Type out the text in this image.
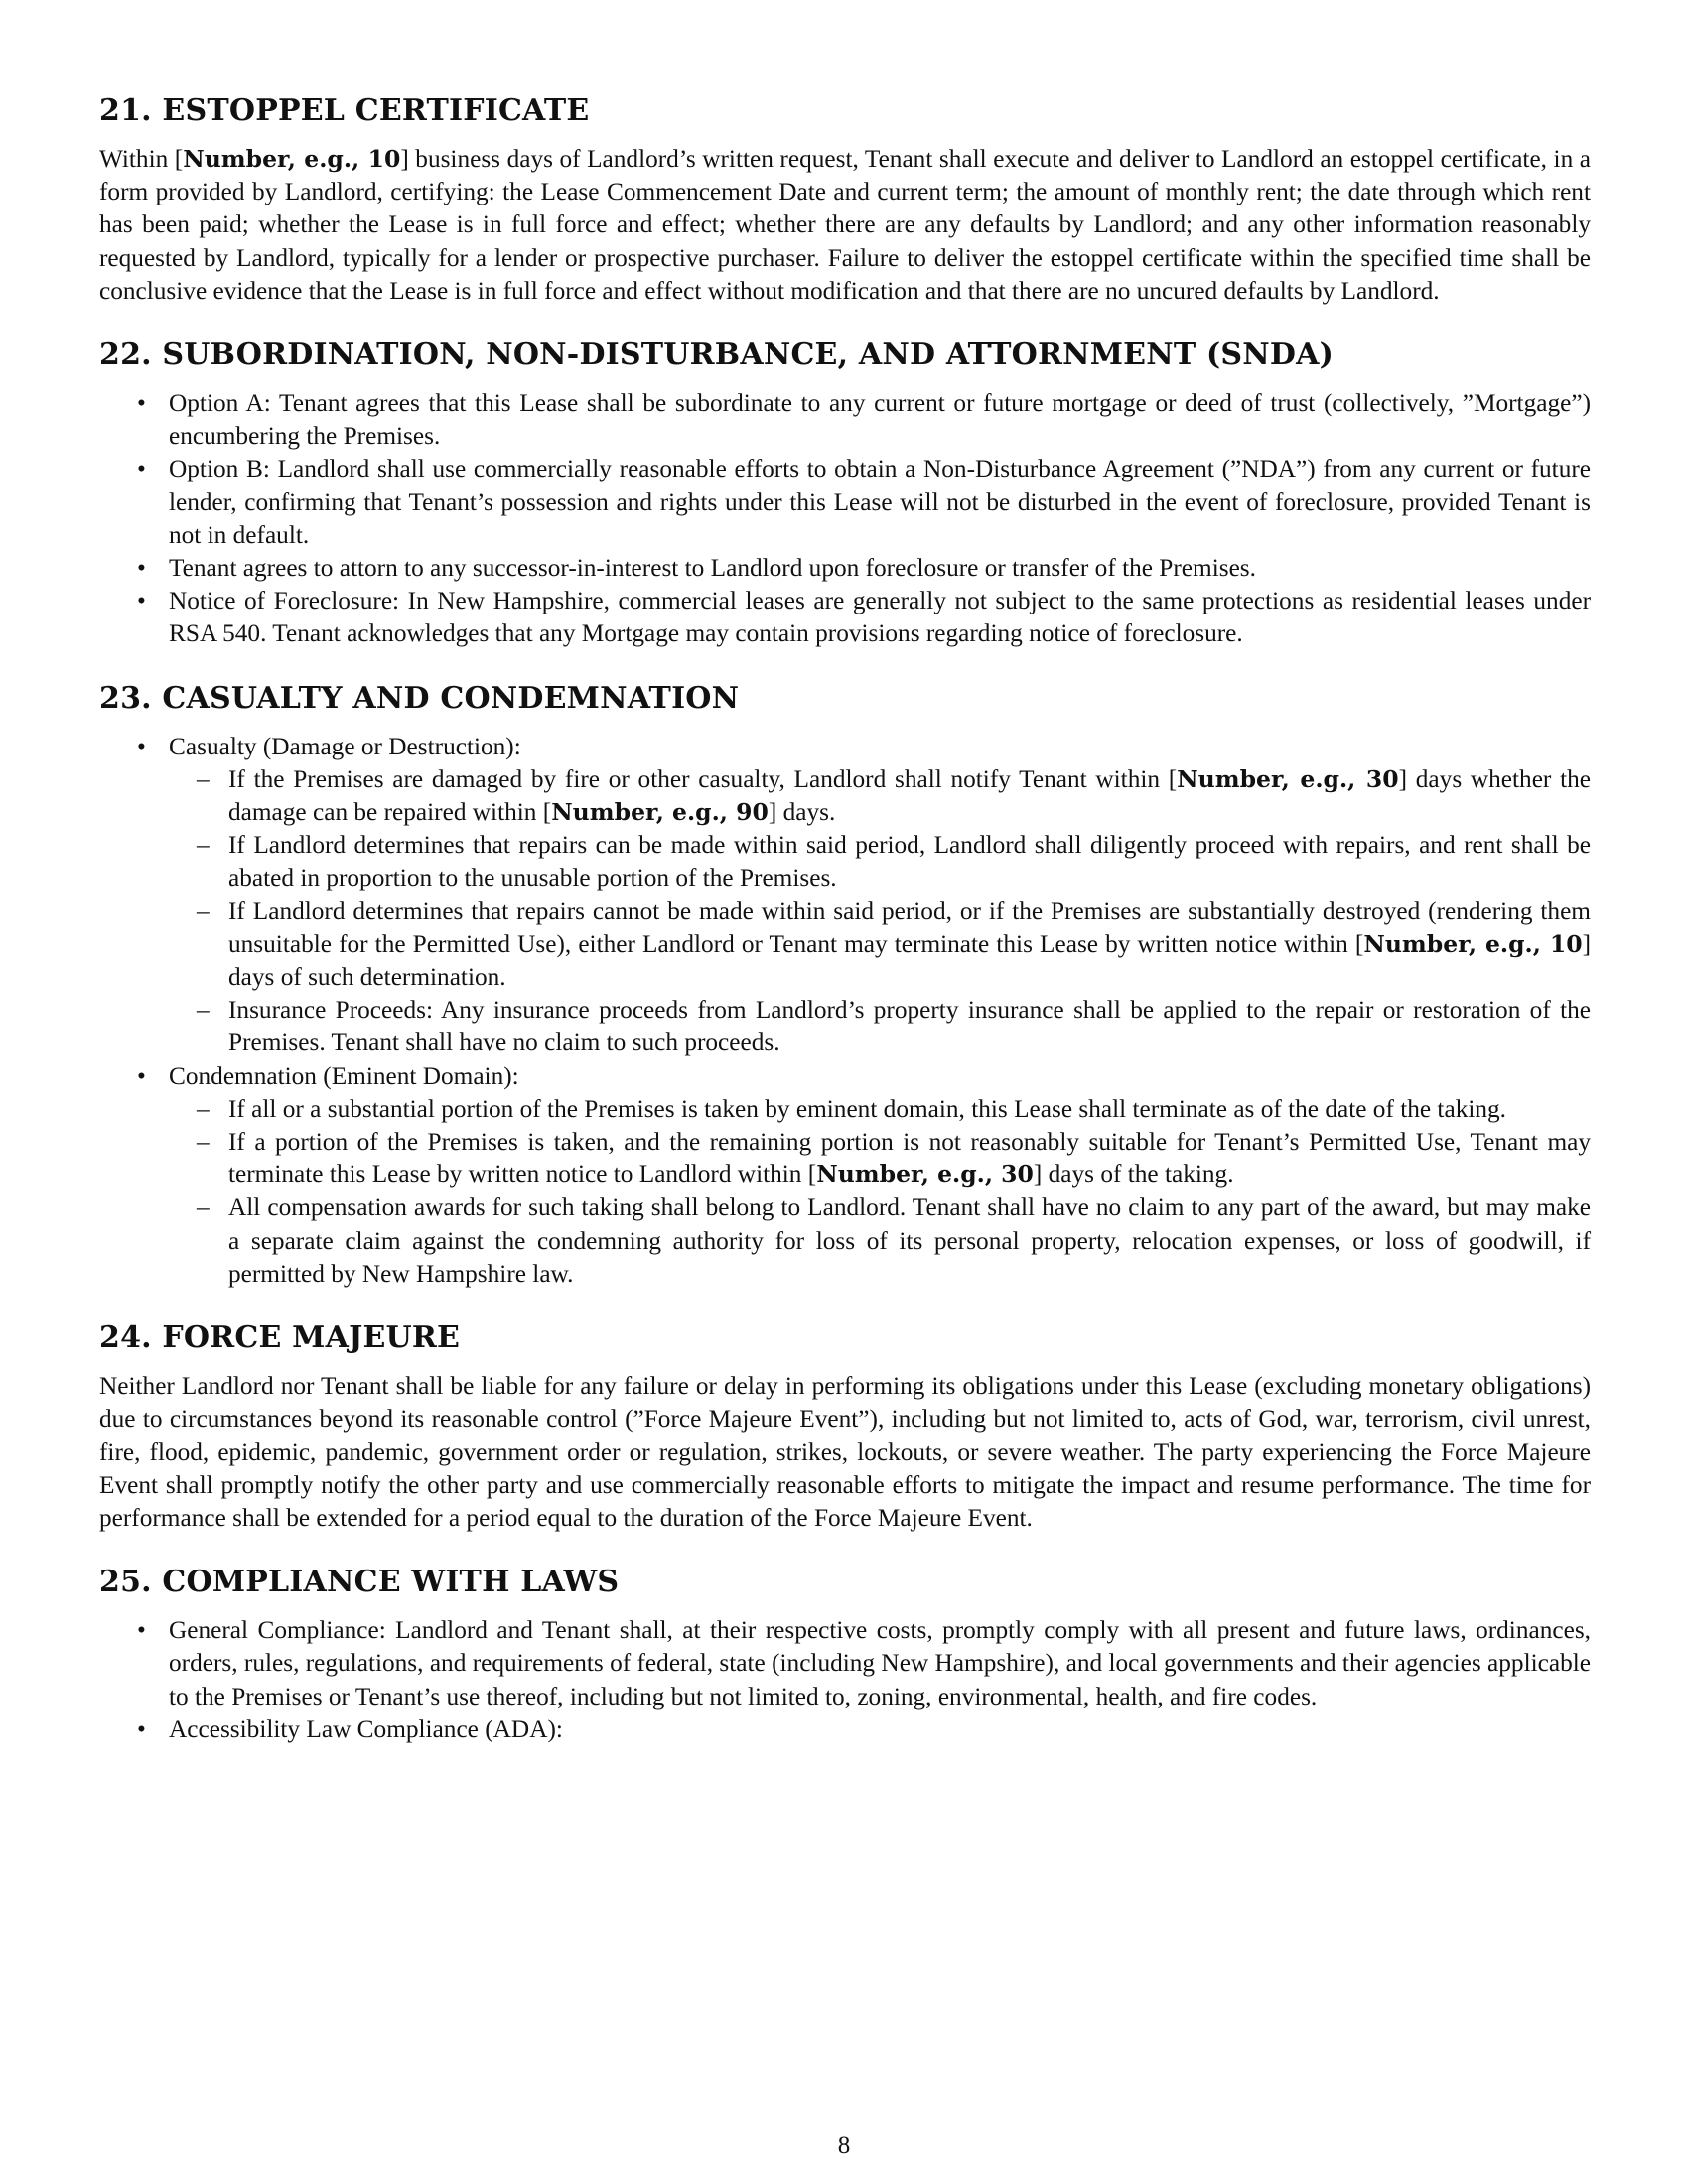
21. ESTOPPEL CERTIFICATE

Within [Number, e.g., 10] business days of Landlord’s written request, Tenant shall execute and deliver to Landlord an estoppel certificate, in a form provided by Landlord, certifying: the Lease Commencement Date and current term; the amount of monthly rent; the date through which rent has been paid; whether the Lease is in full force and effect; whether there are any defaults by Landlord; and any other information reasonably requested by Landlord, typically for a lender or prospective purchaser. Failure to deliver the estoppel certificate within the specified time shall be conclusive evidence that the Lease is in full force and effect without modification and that there are no uncured defaults by Landlord.

22. SUBORDINATION, NON-DISTURBANCE, AND ATTORNMENT (SNDA)
• Option A: Tenant agrees that this Lease shall be subordinate to any current or future mortgage or deed of trust (collectively, ”Mortgage”) encumbering the Premises.
• Option B: Landlord shall use commercially reasonable efforts to obtain a Non-Disturbance Agreement (”NDA”) from any current or future lender, confirming that Tenant’s possession and rights under this Lease will not be disturbed in the event of foreclosure, provided Tenant is not in default.
• Tenant agrees to attorn to any successor-in-interest to Landlord upon foreclosure or transfer of the Premises.
• Notice of Foreclosure: In New Hampshire, commercial leases are generally not subject to the same protections as residential leases under RSA 540. Tenant acknowledges that any Mortgage may contain provisions regarding notice of foreclosure.
23. CASUALTY AND CONDEMNATION
• Casualty (Damage or Destruction):
– If the Premises are damaged by fire or other casualty, Landlord shall notify Tenant within [Number, e.g., 30] days whether the damage can be repaired within [Number, e.g., 90] days.
– If Landlord determines that repairs can be made within said period, Landlord shall diligently proceed with repairs, and rent shall be abated in proportion to the unusable portion of the Premises.
– If Landlord determines that repairs cannot be made within said period, or if the Premises are substantially destroyed (rendering them unsuitable for the Permitted Use), either Landlord or Tenant may terminate this Lease by written notice within [Number, e.g., 10] days of such determination.
– Insurance Proceeds: Any insurance proceeds from Landlord’s property insurance shall be applied to the repair or restoration of the Premises. Tenant shall have no claim to such proceeds.
• Condemnation (Eminent Domain):
– If all or a substantial portion of the Premises is taken by eminent domain, this Lease shall terminate as of the date of the taking.
– If a portion of the Premises is taken, and the remaining portion is not reasonably suitable for Tenant’s Permitted Use, Tenant may terminate this Lease by written notice to Landlord within [Number, e.g., 30] days of the taking.
– All compensation awards for such taking shall belong to Landlord. Tenant shall have no claim to any part of the award, but may make a separate claim against the condemning authority for loss of its personal property, relocation expenses, or loss of goodwill, if permitted by New Hampshire law.
24. FORCE MAJEURE

Neither Landlord nor Tenant shall be liable for any failure or delay in performing its obligations under this Lease (excluding monetary obligations) due to circumstances beyond its reasonable control (”Force Majeure Event”), including but not limited to, acts of God, war, terrorism, civil unrest, fire, flood, epidemic, pandemic, government order or regulation, strikes, lockouts, or severe weather. The party experiencing the Force Majeure Event shall promptly notify the other party and use commercially reasonable efforts to mitigate the impact and resume performance. The time for performance shall be extended for a period equal to the duration of the Force Majeure Event.

25. COMPLIANCE WITH LAWS
• General Compliance: Landlord and Tenant shall, at their respective costs, promptly comply with all present and future laws, ordinances, orders, rules, regulations, and requirements of federal, state (including New Hampshire), and local governments and their agencies applicable to the Premises or Tenant’s use thereof, including but not limited to, zoning, environmental, health, and fire codes.
• Accessibility Law Compliance (ADA):
8
